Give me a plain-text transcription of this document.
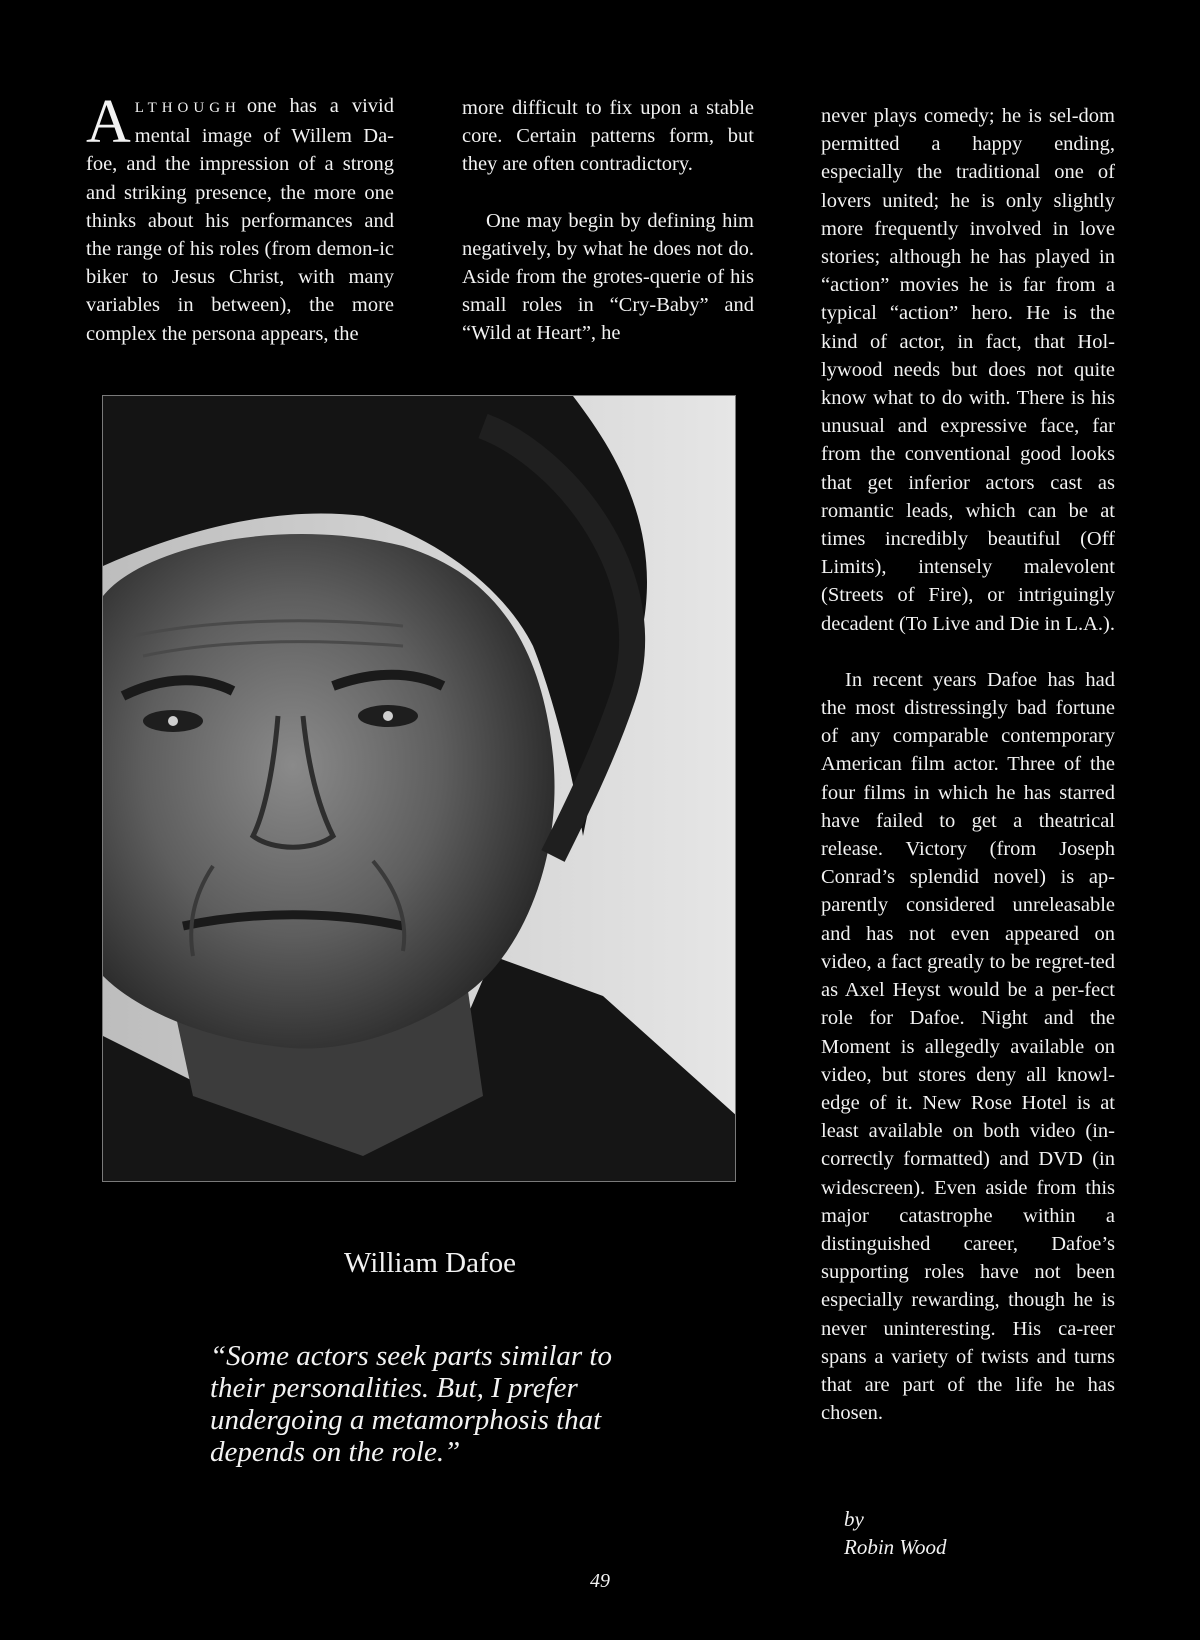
ALTHOUGH one has a vivid mental image of Willem Da-foe, and the impression of a strong and striking presence, the more one thinks about his performances and the range of his roles (from demon-ic biker to Jesus Christ, with many variables in between), the more complex the persona appears, the

more difficult to fix upon a stable core. Certain patterns form, but they are often contradictory.

One may begin by defining him negatively, by what he does not do. Aside from the grotes-querie of his small roles in “Cry-Baby” and “Wild at Heart”, he

never plays comedy; he is sel-dom permitted a happy ending, especially the traditional one of lovers united; he is only slightly more frequently involved in love stories; although he has played in “action” movies he is far from a typical “action” hero. He is the kind of actor, in fact, that Hol-lywood needs but does not quite know what to do with. There is his unusual and expressive face, far from the conventional good looks that get inferior actors cast as romantic leads, which can be at times incredibly beautiful (Off Limits), intensely malevolent (Streets of Fire), or intriguingly decadent (To Live and Die in L.A.).

In recent years Dafoe has had the most distressingly bad fortune of any comparable contemporary American film actor. Three of the four films in which he has starred have failed to get a theatrical release. Victory (from Joseph Conrad’s splendid novel) is ap-parently considered unreleasable and has not even appeared on video, a fact greatly to be regret-ted as Axel Heyst would be a per-fect role for Dafoe. Night and the Moment is allegedly available on video, but stores deny all knowl-edge of it. New Rose Hotel is at least available on both video (in-correctly formatted) and DVD (in widescreen). Even aside from this major catastrophe within a distinguished career, Dafoe’s supporting roles have not been especially rewarding, though he is never uninteresting. His ca-reer spans a variety of twists and turns that are part of the life he has chosen.

William Dafoe
“Some actors seek parts similar to their personalities. But, I prefer undergoing a metamorphosis that depends on the role.”
by
Robin Wood
49
